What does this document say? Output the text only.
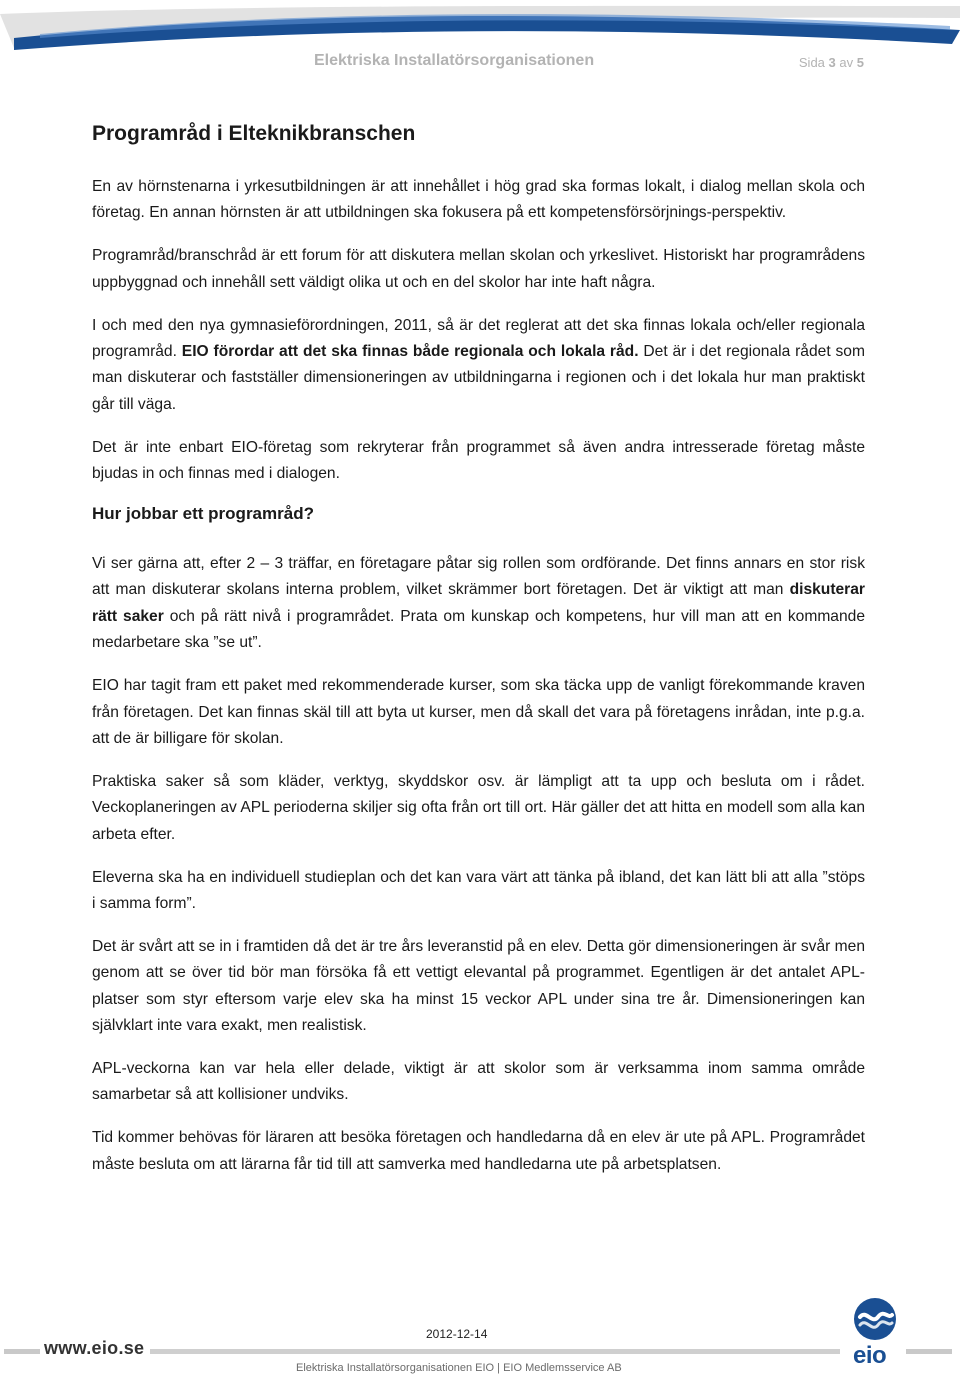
Elektriska Installatörsorganisationen	Sida 3 av 5
Programråd i Elteknikbranschen

En av hörnstenarna i yrkesutbildningen är att innehållet i hög grad ska formas lokalt, i dialog mellan skola och företag. En annan hörnsten är att utbildningen ska fokusera på ett kompetensförsörjnings-perspektiv.

Programråd/branschråd är ett forum för att diskutera mellan skolan och yrkeslivet. Historiskt har programrådens uppbyggnad och innehåll sett väldigt olika ut och en del skolor har inte haft några.

I och med den nya gymnasieförordningen, 2011, så är det reglerat att det ska finnas lokala och/eller regionala programråd. EIO förordar att det ska finnas både regionala och lokala råd. Det är i det regionala rådet som man diskuterar och fastställer dimensioneringen av utbildningarna i regionen och i det lokala hur man praktiskt går till väga.

Det är inte enbart EIO-företag som rekryterar från programmet så även andra intresserade företag måste bjudas in och finnas med i dialogen.

Hur jobbar ett programråd?

Vi ser gärna att, efter 2 – 3 träffar, en företagare påtar sig rollen som ordförande. Det finns annars en stor risk att man diskuterar skolans interna problem, vilket skrämmer bort företagen. Det är viktigt att man diskuterar rätt saker och på rätt nivå i programrådet. Prata om kunskap och kompetens, hur vill man att en kommande medarbetare ska ”se ut”.

EIO har tagit fram ett paket med rekommenderade kurser, som ska täcka upp de vanligt förekommande kraven från företagen. Det kan finnas skäl till att byta ut kurser, men då skall det vara på företagens inrådan, inte p.g.a. att de är billigare för skolan.

Praktiska saker så som kläder, verktyg, skyddskor osv. är lämpligt att ta upp och besluta om i rådet. Veckoplaneringen av APL perioderna skiljer sig ofta från ort till ort. Här gäller det att hitta en modell som alla kan arbeta efter.

Eleverna ska ha en individuell studieplan och det kan vara värt att tänka på ibland, det kan lätt bli att alla ”stöps i samma form”.

Det är svårt att se in i framtiden då det är tre års leveranstid på en elev. Detta gör dimensioneringen är svår men genom att se över tid bör man försöka få ett vettigt elevantal på programmet. Egentligen är det antalet APL-platser som styr eftersom varje elev ska ha minst 15 veckor APL under sina tre år. Dimensioneringen kan självklart inte vara exakt, men realistisk.

APL-veckorna kan var hela eller delade, viktigt är att skolor som är verksamma inom samma område samarbetar så att kollisioner undviks.

Tid kommer behövas för läraren att besöka företagen och handledarna då en elev är ute på APL. Programrådet måste besluta om att lärarna får tid till att samverka med handledarna ute på arbetsplatsen.

www.eio.se
2012-12-14
Elektriska Installatörsorganisationen EIO | EIO Medlemsservice AB	eio
